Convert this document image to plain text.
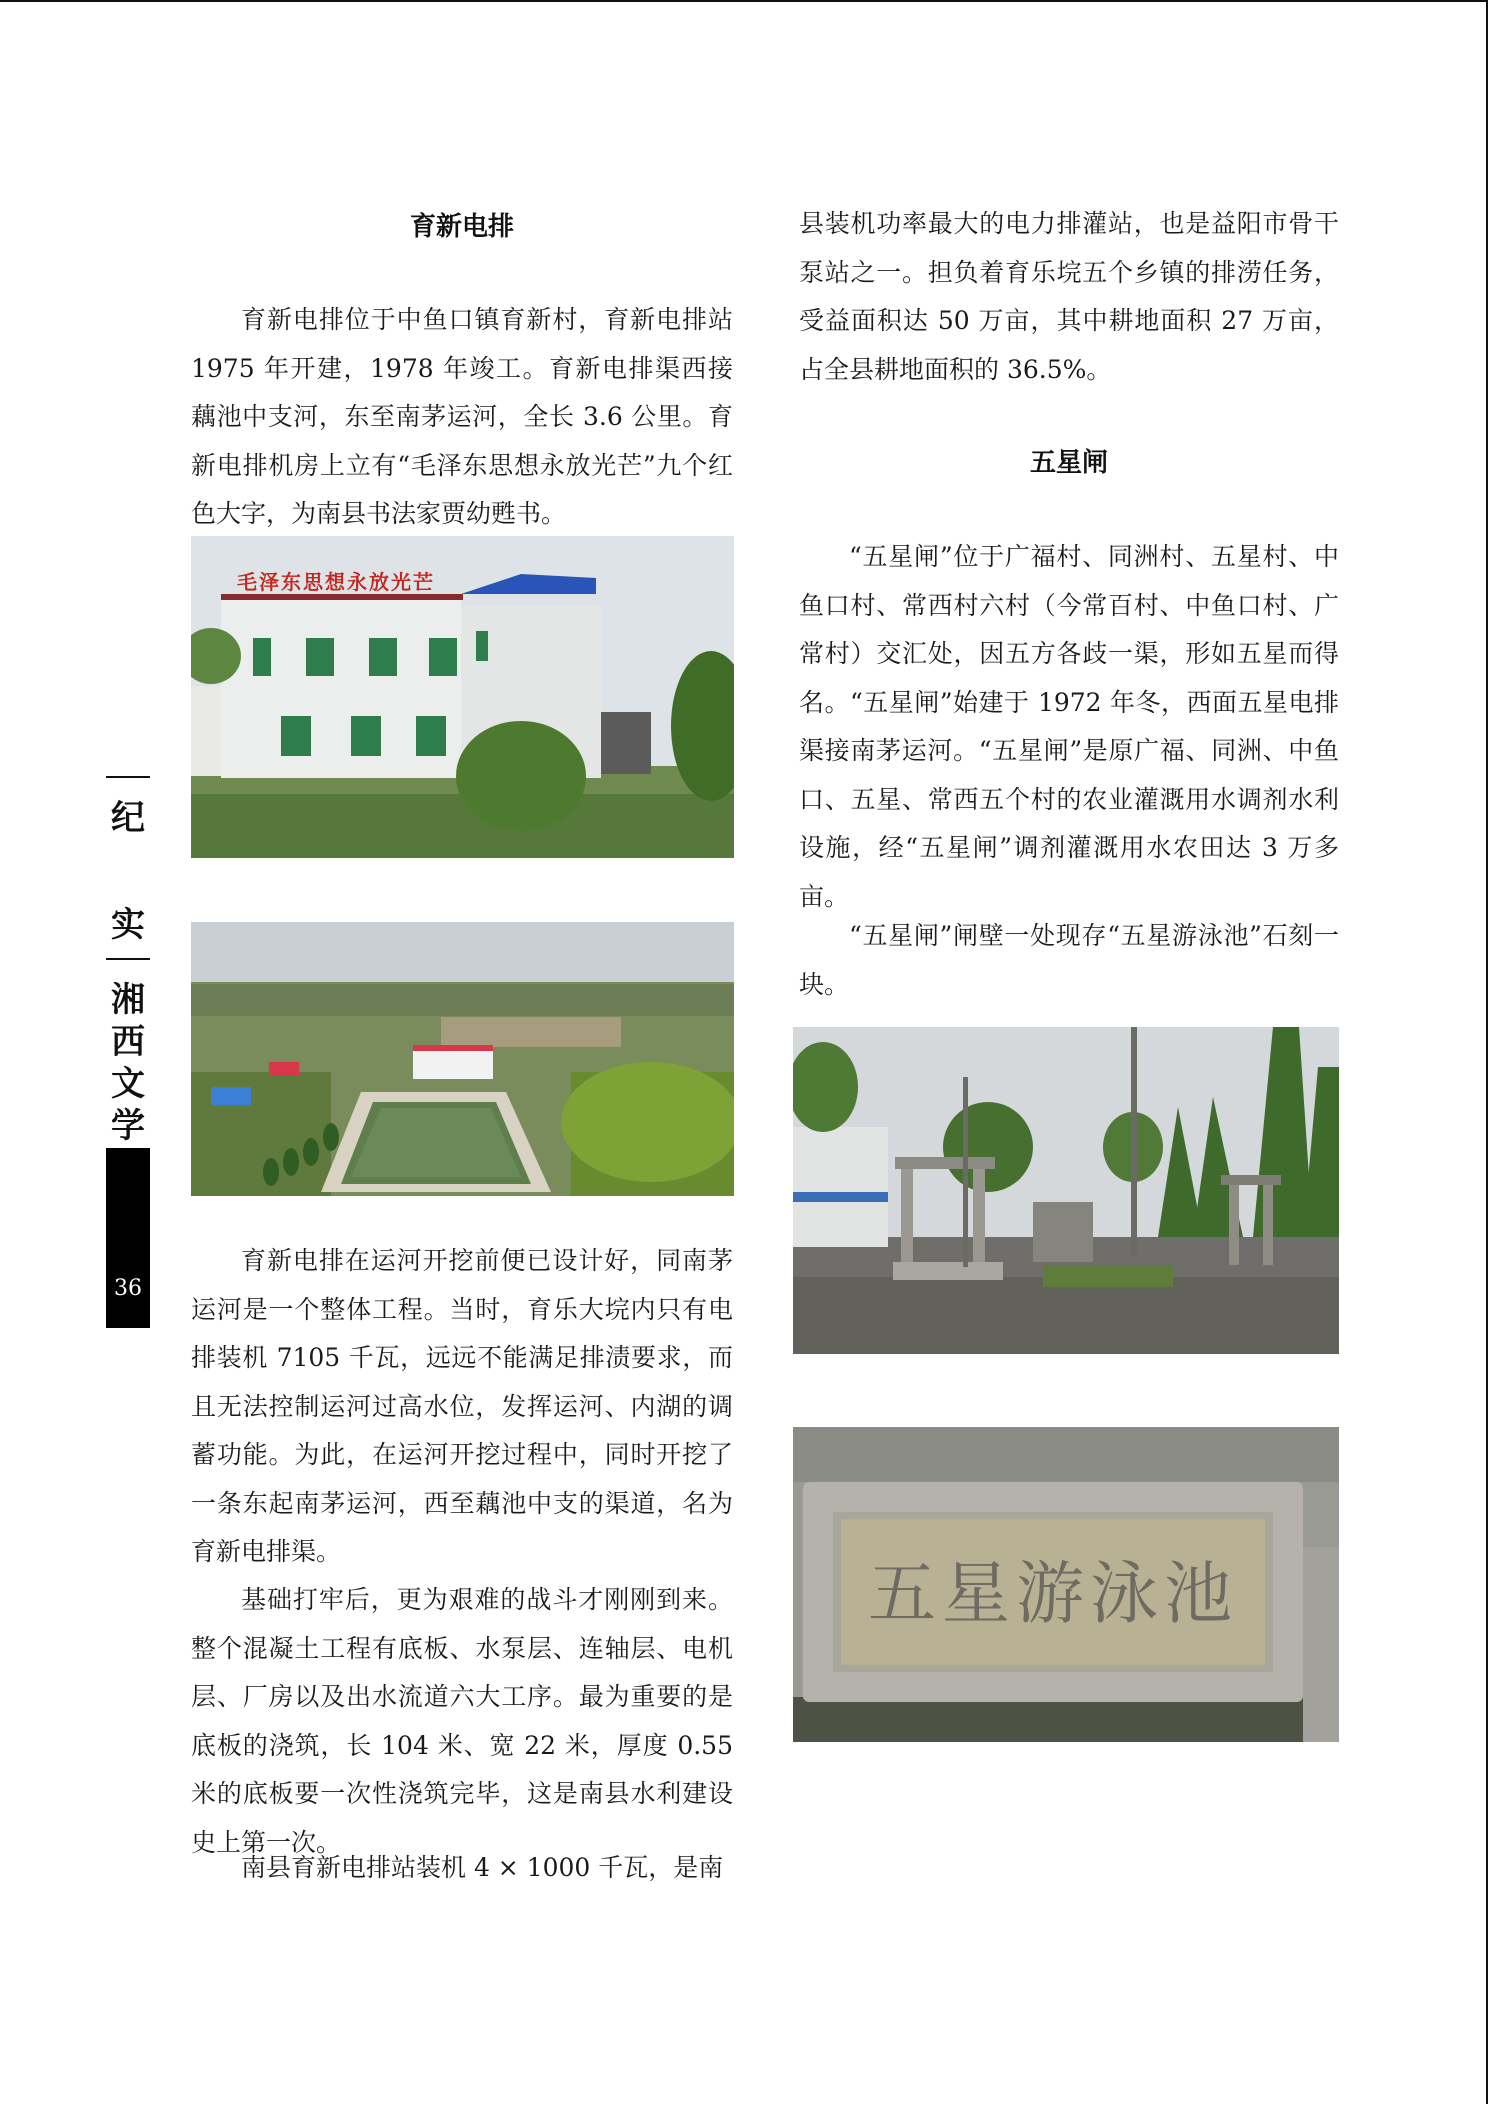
纪
实
湘
西
文
学
36
育新电排

育新电排位于中鱼口镇育新村，育新电排站 1975 年开建，1978 年竣工。育新电排渠西接藕池中支河，东至南茅运河，全长 3.6 公里。育新电排机房上立有“毛泽东思想永放光芒”九个红色大字，为南县书法家贾幼甦书。

毛泽东思想永放光芒

育新电排在运河开挖前便已设计好，同南茅运河是一个整体工程。当时，育乐大垸内只有电排装机 7105 千瓦，远远不能满足排渍要求，而且无法控制运河过高水位，发挥运河、内湖的调蓄功能。为此，在运河开挖过程中，同时开挖了一条东起南茅运河，西至藕池中支的渠道，名为育新电排渠。

基础打牢后，更为艰难的战斗才刚刚到来。整个混凝土工程有底板、水泵层、连轴层、电机层、厂房以及出水流道六大工序。最为重要的是底板的浇筑，长 104 米、宽 22 米，厚度 0.55 米的底板要一次性浇筑完毕，这是南县水利建设史上第一次。

南县育新电排站装机 4 × 1000 千瓦，是南

县装机功率最大的电力排灌站，也是益阳市骨干泵站之一。担负着育乐垸五个乡镇的排涝任务，受益面积达 50 万亩，其中耕地面积 27 万亩，占全县耕地面积的 36.5%。

五星闸

“五星闸”位于广福村、同洲村、五星村、中鱼口村、常西村六村（今常百村、中鱼口村、广常村）交汇处，因五方各歧一渠，形如五星而得名。“五星闸”始建于 1972 年冬，西面五星电排渠接南茅运河。“五星闸”是原广福、同洲、中鱼口、五星、常西五个村的农业灌溉用水调剂水利设施，经“五星闸”调剂灌溉用水农田达 3 万多亩。

“五星闸”闸壁一处现存“五星游泳池”石刻一块。

五星游泳池
